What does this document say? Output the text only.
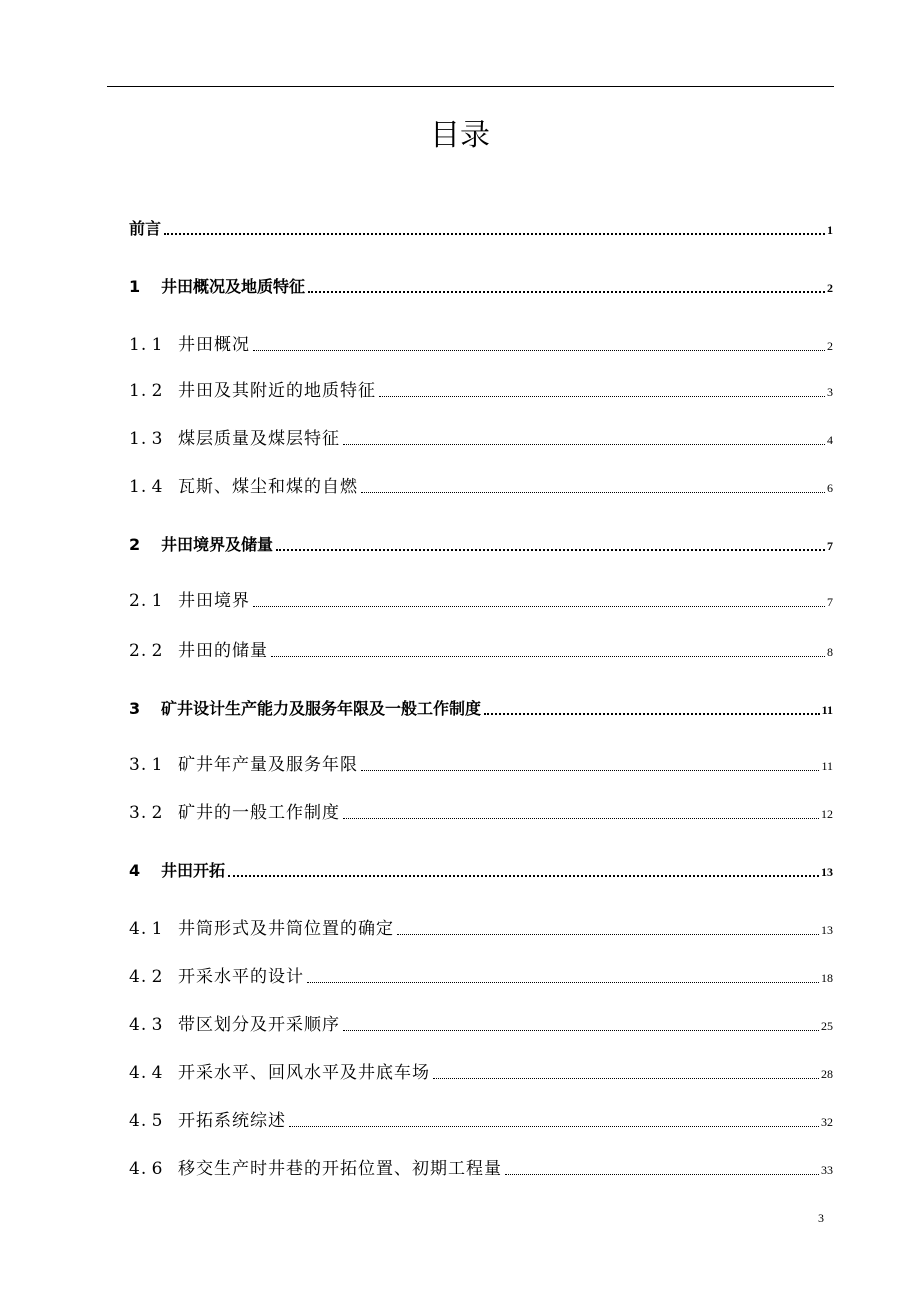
目录
前言	1
1 井田概况及地质特征	2
1. 1 井田概况	2
1. 2 井田及其附近的地质特征	3
1. 3 煤层质量及煤层特征	4
1. 4 瓦斯、煤尘和煤的自燃	6
2 井田境界及储量	7
2. 1 井田境界	7
2. 2 井田的储量	8
3 矿井设计生产能力及服务年限及一般工作制度	11
3. 1 矿井年产量及服务年限	11
3. 2 矿井的一般工作制度	12
4 井田开拓	13
4. 1 井筒形式及井筒位置的确定	13
4. 2 开采水平的设计	18
4. 3 带区划分及开采顺序	25
4. 4 开采水平、回风水平及井底车场	28
4. 5 开拓系统综述	32
4. 6 移交生产时井巷的开拓位置、初期工程量	33
3
